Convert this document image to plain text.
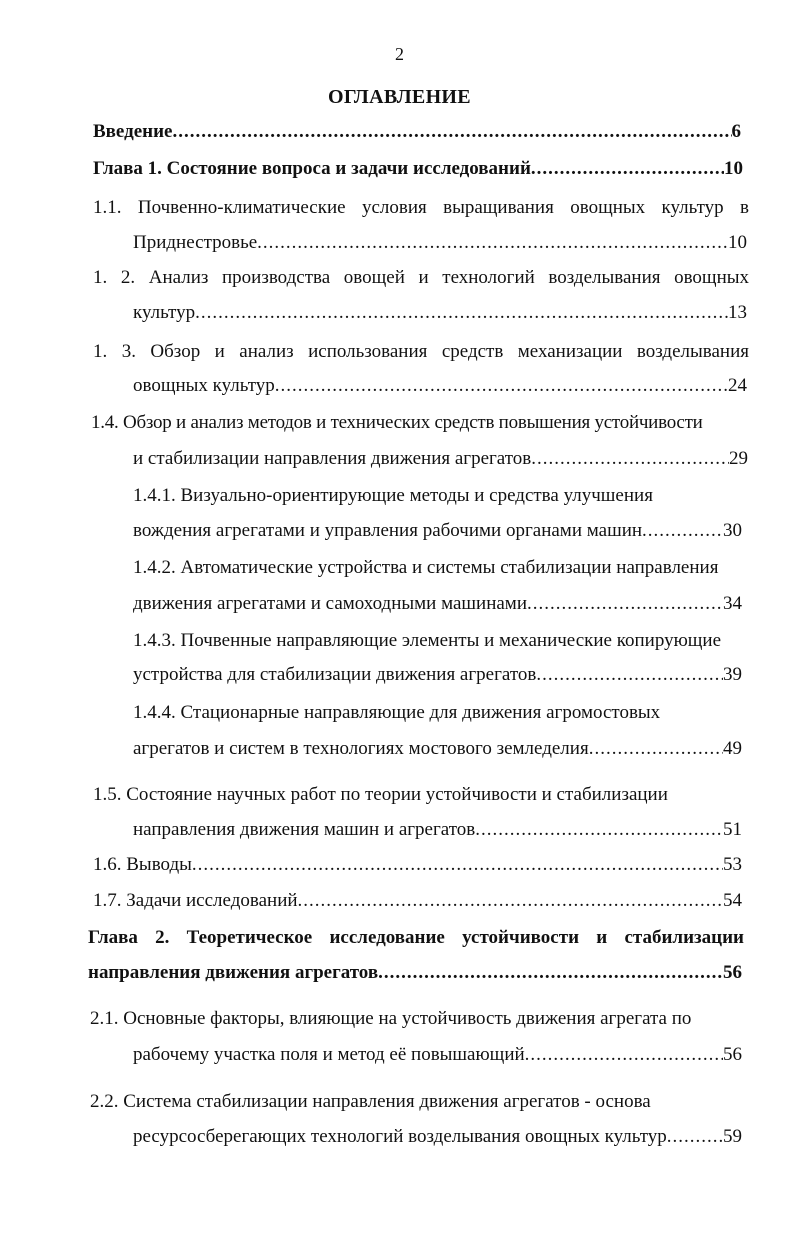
2
ОГЛАВЛЕНИЕ
Введение .....	6
Глава 1. Состояние вопроса и задачи исследований .....	10
1.1. Почвенно-климатические условия выращивания овощных культур в
Приднестровье .....	10
1. 2. Анализ производства овощей и технологий возделывания овощных
культур .....	13
1. 3. Обзор и анализ использования средств механизации возделывания
овощных культур .....	24
1.4. Обзор и анализ методов и технических средств повышения устойчивости
и стабилизации направления движения агрегатов .....	29
1.4.1. Визуально-ориентирующие методы и средства улучшения
вождения агрегатами и управления рабочими органами машин .....	30
1.4.2. Автоматические устройства и системы стабилизации направления
движения агрегатами и самоходными машинами .....	34
1.4.3. Почвенные направляющие элементы и механические копирующие
устройства для стабилизации движения агрегатов .....	39
1.4.4. Стационарные направляющие для движения агромостовых
агрегатов и систем в технологиях мостового земледелия .....	49
1.5. Состояние научных работ по теории устойчивости и стабилизации
направления движения машин и агрегатов .....	51
1.6. Выводы .....	53
1.7. Задачи исследований .....	54
Глава 2. Теоретическое исследование устойчивости и стабилизации
направления движения агрегатов .....	56
2.1. Основные факторы, влияющие на устойчивость движения агрегата по
рабочему участка поля и метод её повышающий .....	56
2.2. Система стабилизации направления движения агрегатов - основа
ресурсосберегающих технологий возделывания овощных культур .....	59
